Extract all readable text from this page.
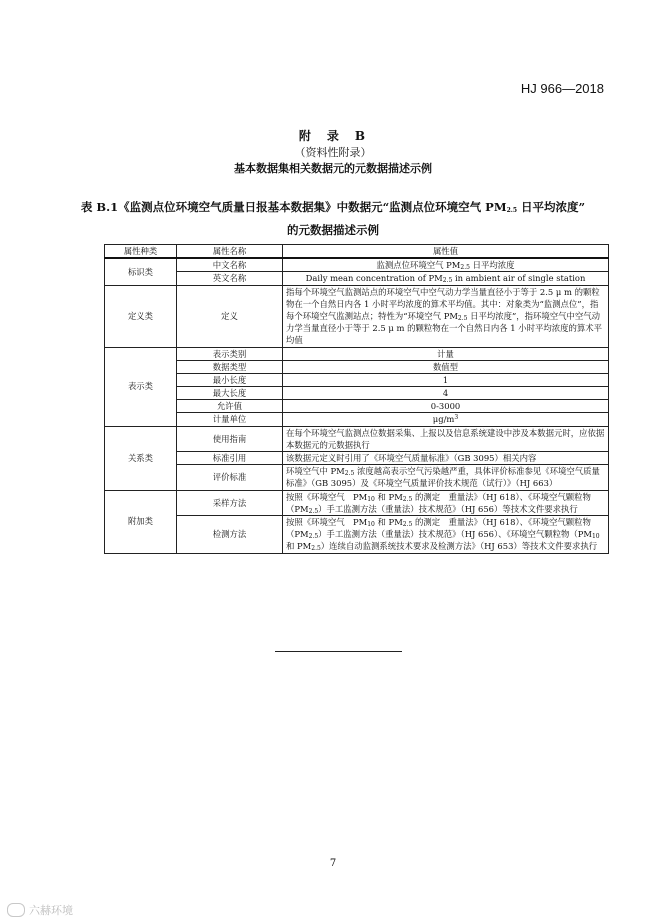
HJ 966—2018
附　录　B
（资料性附录）
基本数据集相关数据元的元数据描述示例
表 B.1《监测点位环境空气质量日报基本数据集》中数据元“监测点位环境空气 $PM_{2.5}$ 日平均浓度”
的元数据描述示例
属性种类	属性名称	属性值
标识类	中文名称	监测点位环境空气 $PM_{2.5}$ 日平均浓度
	英文名称	Daily mean concentration of $PM_{2.5}$ in ambient air of single station
定义类	定义	指每个环境空气监测站点的环境空气中空气动力学当量直径小于等于 2.5 μ m 的颗粒物在一个自然日内各 1 小时平均浓度的算术平均值。其中：对象类为“监测点位”，指每个环境空气监测站点；特性为“环境空气 $PM_{2.5}$ 日平均浓度”，指环境空气中空气动力学当量直径小于等于 2.5 μ m 的颗粒物在一个自然日内各 1 小时平均浓度的算术平均值
表示类	表示类别	计量
	数据类型	数值型
	最小长度	1
	最大长度	4
	允许值	0-3000
	计量单位	$\mu g/m^3$
关系类	使用指南	在每个环境空气监测点位数据采集、上报以及信息系统建设中涉及本数据元时，应依据本数据元的元数据执行
	标准引用	该数据元定义时引用了《环境空气质量标准》（GB 3095）相关内容
	评价标准	环境空气中 $PM_{2.5}$ 浓度越高表示空气污染越严重，具体评价标准参见《环境空气质量标准》（GB 3095）及《环境空气质量评价技术规范（试行）》（HJ 663）
附加类	采样方法	按照《环境空气　$PM_{10}$ 和 $PM_{2.5}$ 的测定　重量法》（HJ 618）、《环境空气颗粒物$(PM_{2.5})$手工监测方法（重量法）技术规范》（HJ 656）等技术文件要求执行
	检测方法	按照《环境空气　$PM_{10}$ 和 $PM_{2.5}$ 的测定　重量法》（HJ 618）、《环境空气颗粒物$(PM_{2.5})$手工监测方法（重量法）技术规范》（HJ 656）、《环境空气颗粒物（$PM_{10}$ 和 $PM_{2.5}$）连续自动监测系统技术要求及检测方法》（HJ 653）等技术文件要求执行
7
六赫环境
